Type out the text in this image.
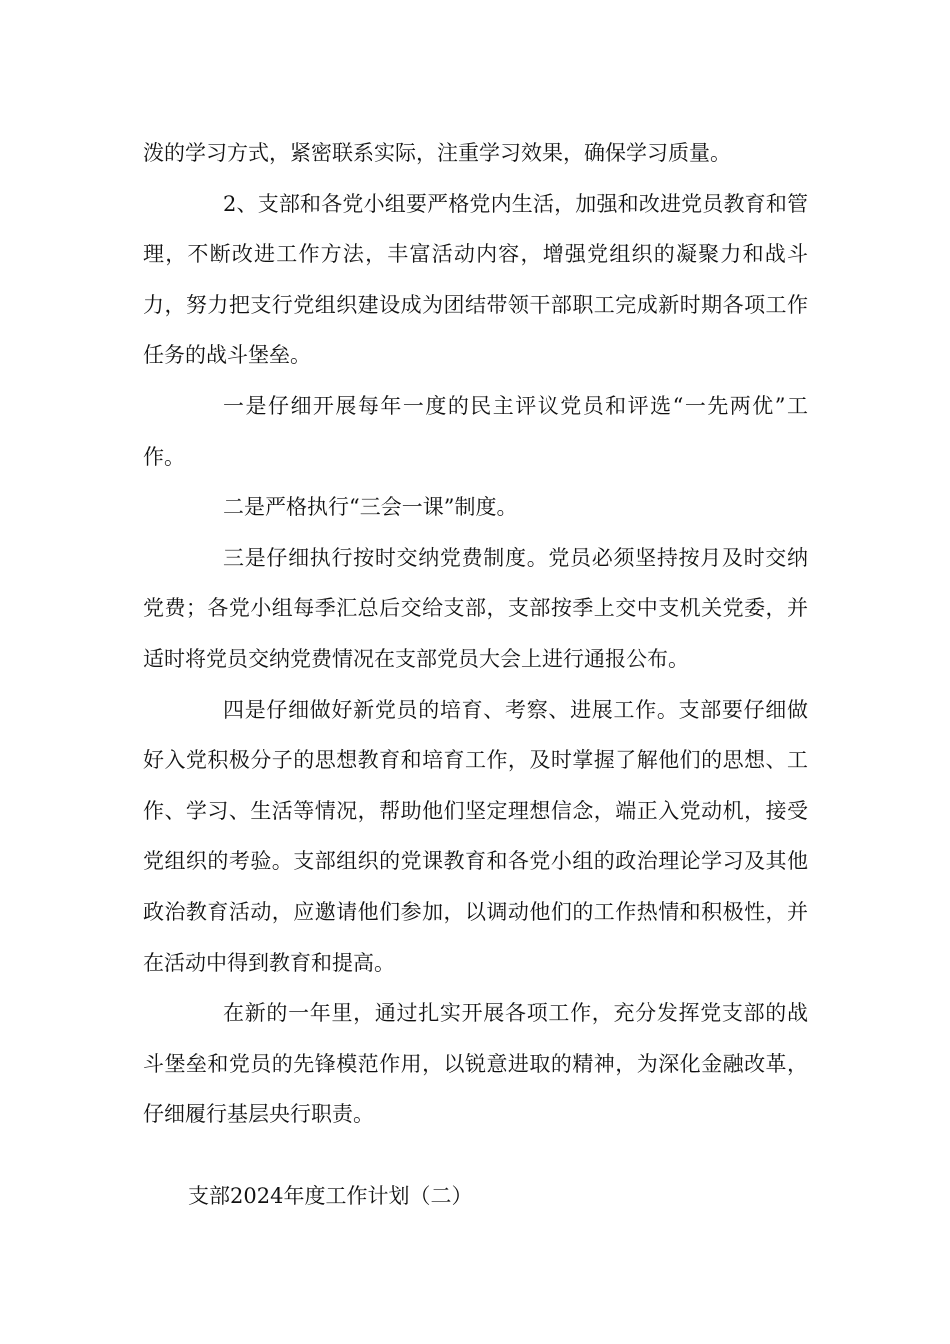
泼的学习方式，紧密联系实际，注重学习效果，确保学习质量。

2、支部和各党小组要严格党内生活，加强和改进党员教育和管理，不断改进工作方法，丰富活动内容，增强党组织的凝聚力和战斗力，努力把支行党组织建设成为团结带领干部职工完成新时期各项工作任务的战斗堡垒。

一是仔细开展每年一度的民主评议党员和评选“一先两优”工作。

二是严格执行“三会一课”制度。

三是仔细执行按时交纳党费制度。党员必须坚持按月及时交纳党费；各党小组每季汇总后交给支部，支部按季上交中支机关党委，并适时将党员交纳党费情况在支部党员大会上进行通报公布。

四是仔细做好新党员的培育、考察、进展工作。支部要仔细做好入党积极分子的思想教育和培育工作，及时掌握了解他们的思想、工作、学习、生活等情况，帮助他们坚定理想信念，端正入党动机，接受党组织的考验。支部组织的党课教育和各党小组的政治理论学习及其他政治教育活动，应邀请他们参加，以调动他们的工作热情和积极性，并在活动中得到教育和提高。

在新的一年里，通过扎实开展各项工作，充分发挥党支部的战斗堡垒和党员的先锋模范作用，以锐意进取的精神，为深化金融改革，仔细履行基层央行职责。

支部2024年度工作计划（二）
